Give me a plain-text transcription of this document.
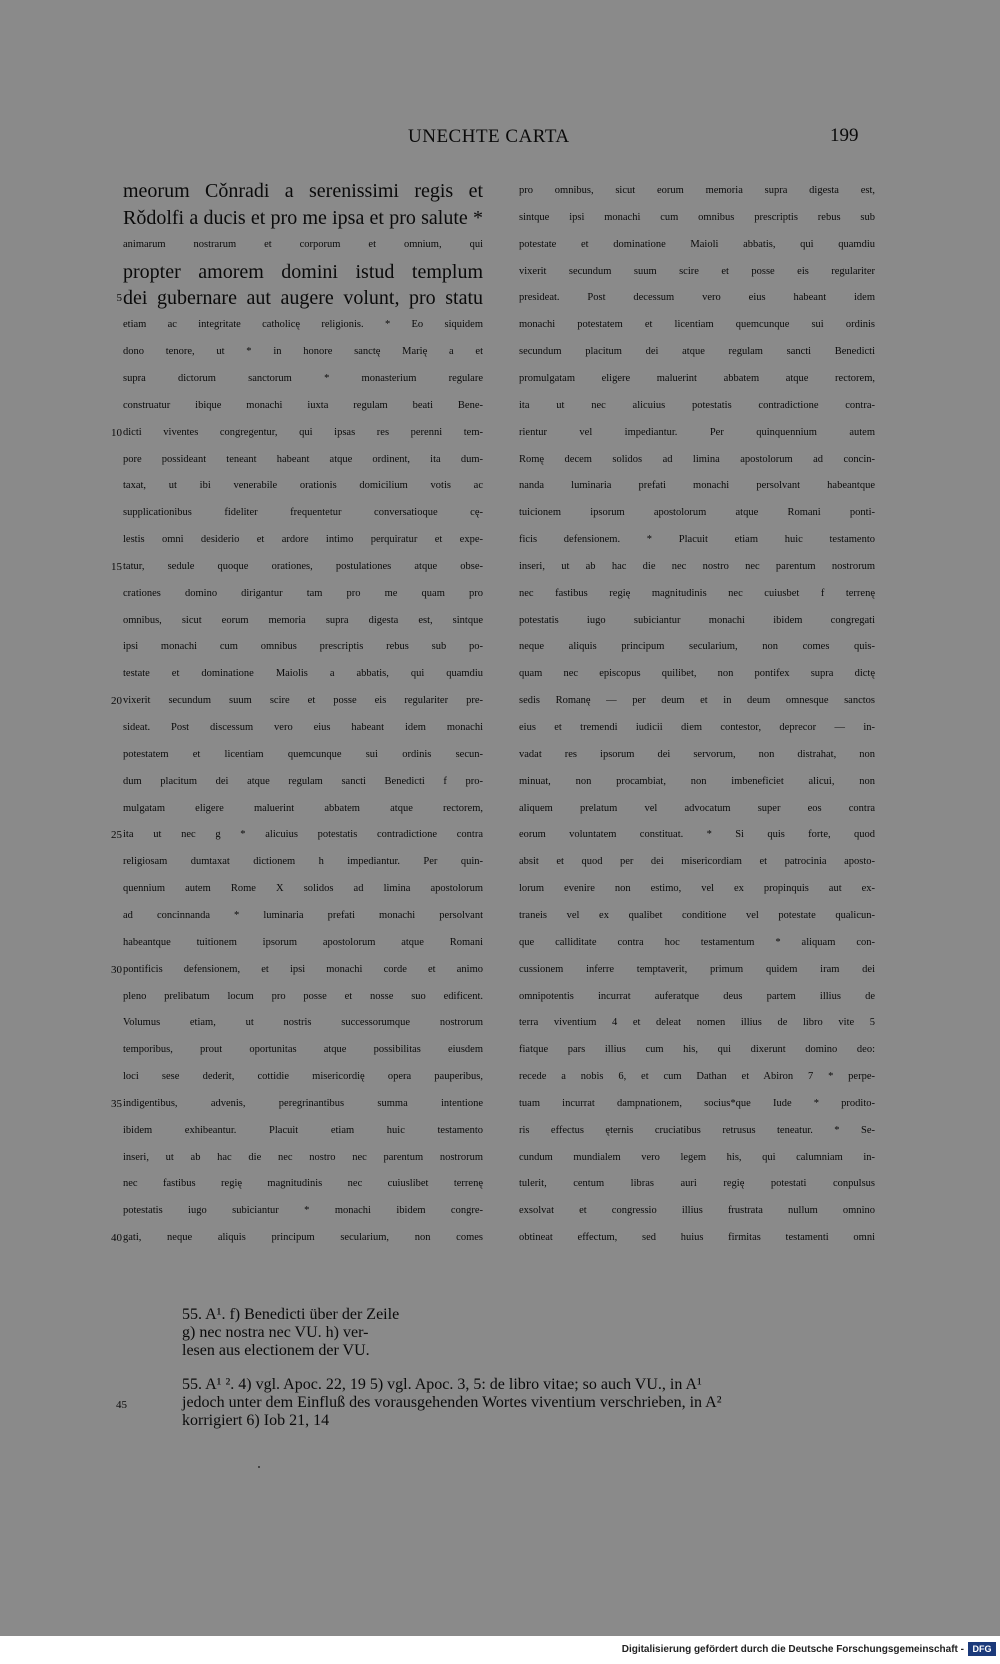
UNECHTE CARTA	199
meorum Cǒnradi a serenissimi regis et
Rǒdolfi a ducis et pro me ipsa et pro salute *
animarum nostrarum et corporum et omnium, qui
propter amorem domini istud templum
dei gubernare aut augere volunt, pro statu
etiam ac integritate catholicę religionis. * Eo siquidem
dono tenore, ut * in honore sanctę Marię a et
supra dictorum sanctorum * monasterium regulare
construatur ibique monachi iuxta regulam beati Bene-
dicti viventes congregentur, qui ipsas res perenni tem-
pore possideant teneant habeant atque ordinent, ita dum-
taxat, ut ibi venerabile orationis domicilium votis ac
supplicationibus fideliter frequentetur conversatioque cę-
lestis omni desiderio et ardore intimo perquiratur et expe-
tatur, sedule quoque orationes, postulationes atque obse-
crationes domino dirigantur tam pro me quam pro
omnibus, sicut eorum memoria supra digesta est, sintque
ipsi monachi cum omnibus prescriptis rebus sub po-
testate et dominatione Maiolis a abbatis, qui quamdiu
vixerit secundum suum scire et posse eis regulariter pre-
sideat. Post discessum vero eius habeant idem monachi
potestatem et licentiam quemcunque sui ordinis secun-
dum placitum dei atque regulam sancti Benedicti f pro-
mulgatam eligere maluerint abbatem atque rectorem,
ita ut nec g * alicuius potestatis contradictione contra
religiosam dumtaxat dictionem h impediantur. Per quin-
quennium autem Rome X solidos ad limina apostolorum
ad concinnanda * luminaria prefati monachi persolvant
habeantque tuitionem ipsorum apostolorum atque Romani
pontificis defensionem, et ipsi monachi corde et animo
pleno prelibatum locum pro posse et nosse suo edificent.
Volumus etiam, ut nostris successorumque nostrorum
temporibus, prout oportunitas atque possibilitas eiusdem
loci sese dederit, cottidie misericordię opera pauperibus,
indigentibus, advenis, peregrinantibus summa intentione
ibidem exhibeantur. Placuit etiam huic testamento
inseri, ut ab hac die nec nostro nec parentum nostrorum
nec fastibus regię magnitudinis nec cuiuslibet terrenę
potestatis iugo subiciantur * monachi ibidem congre-
gati, neque aliquis principum secularium, non comes
pro omnibus, sicut eorum memoria supra digesta est,
sintque ipsi monachi cum omnibus prescriptis rebus sub
potestate et dominatione Maioli abbatis, qui quamdiu
vixerit secundum suum scire et posse eis regulariter
presideat. Post decessum vero eius habeant idem
monachi potestatem et licentiam quemcunque sui ordinis
secundum placitum dei atque regulam sancti Benedicti
promulgatam eligere maluerint abbatem atque rectorem,
ita ut nec alicuius potestatis contradictione contra-
rientur vel impediantur. Per quinquennium autem
Romę decem solidos ad limina apostolorum ad concin-
nanda luminaria prefati monachi persolvant habeantque
tuicionem ipsorum apostolorum atque Romani ponti-
ficis defensionem. * Placuit etiam huic testamento
inseri, ut ab hac die nec nostro nec parentum nostrorum
nec fastibus regię magnitudinis nec cuiusbet f terrenę
potestatis iugo subiciantur monachi ibidem congregati
neque aliquis principum secularium, non comes quis-
quam nec episcopus quilibet, non pontifex supra dictę
sedis Romanę — per deum et in deum omnesque sanctos
eius et tremendi iudicii diem contestor, deprecor — in-
vadat res ipsorum dei servorum, non distrahat, non
minuat, non procambiat, non imbeneficiet alicui, non
aliquem prelatum vel advocatum super eos contra
eorum voluntatem constituat. * Si quis forte, quod
absit et quod per dei misericordiam et patrocinia aposto-
lorum evenire non estimo, vel ex propinquis aut ex-
traneis vel ex qualibet conditione vel potestate qualicun-
que calliditate contra hoc testamentum * aliquam con-
cussionem inferre temptaverit, primum quidem iram dei
omnipotentis incurrat auferatque deus partem illius de
terra viventium 4 et deleat nomen illius de libro vite 5
fiatque pars illius cum his, qui dixerunt domino deo:
recede a nobis 6, et cum Dathan et Abiron 7 * perpe-
tuam incurrat dampnationem, socius*que Iude * prodito-
ris effectus ęternis cruciatibus retrusus teneatur. * Se-
cundum mundialem vero legem his, qui calumniam in-
tulerit, centum libras auri regię potestati conpulsus
exsolvat et congressio illius frustrata nullum omnino
obtineat effectum, sed huius firmitas testamenti omni
5
10
15
20
25
30
35
40
55. A¹. f) Benedicti über der Zeile
g) nec nostra nec VU. h) ver-
lesen aus electionem der VU.
55. A¹ ². 4) vgl. Apoc. 22, 19 5) vgl. Apoc. 3, 5: de libro vitae; so auch VU., in A¹
jedoch unter dem Einfluß des vorausgehenden Wortes viventium verschrieben, in A²
korrigiert 6) Iob 21, 14
45
Digitalisierung gefördert durch die Deutsche Forschungsgemeinschaft - DFG
